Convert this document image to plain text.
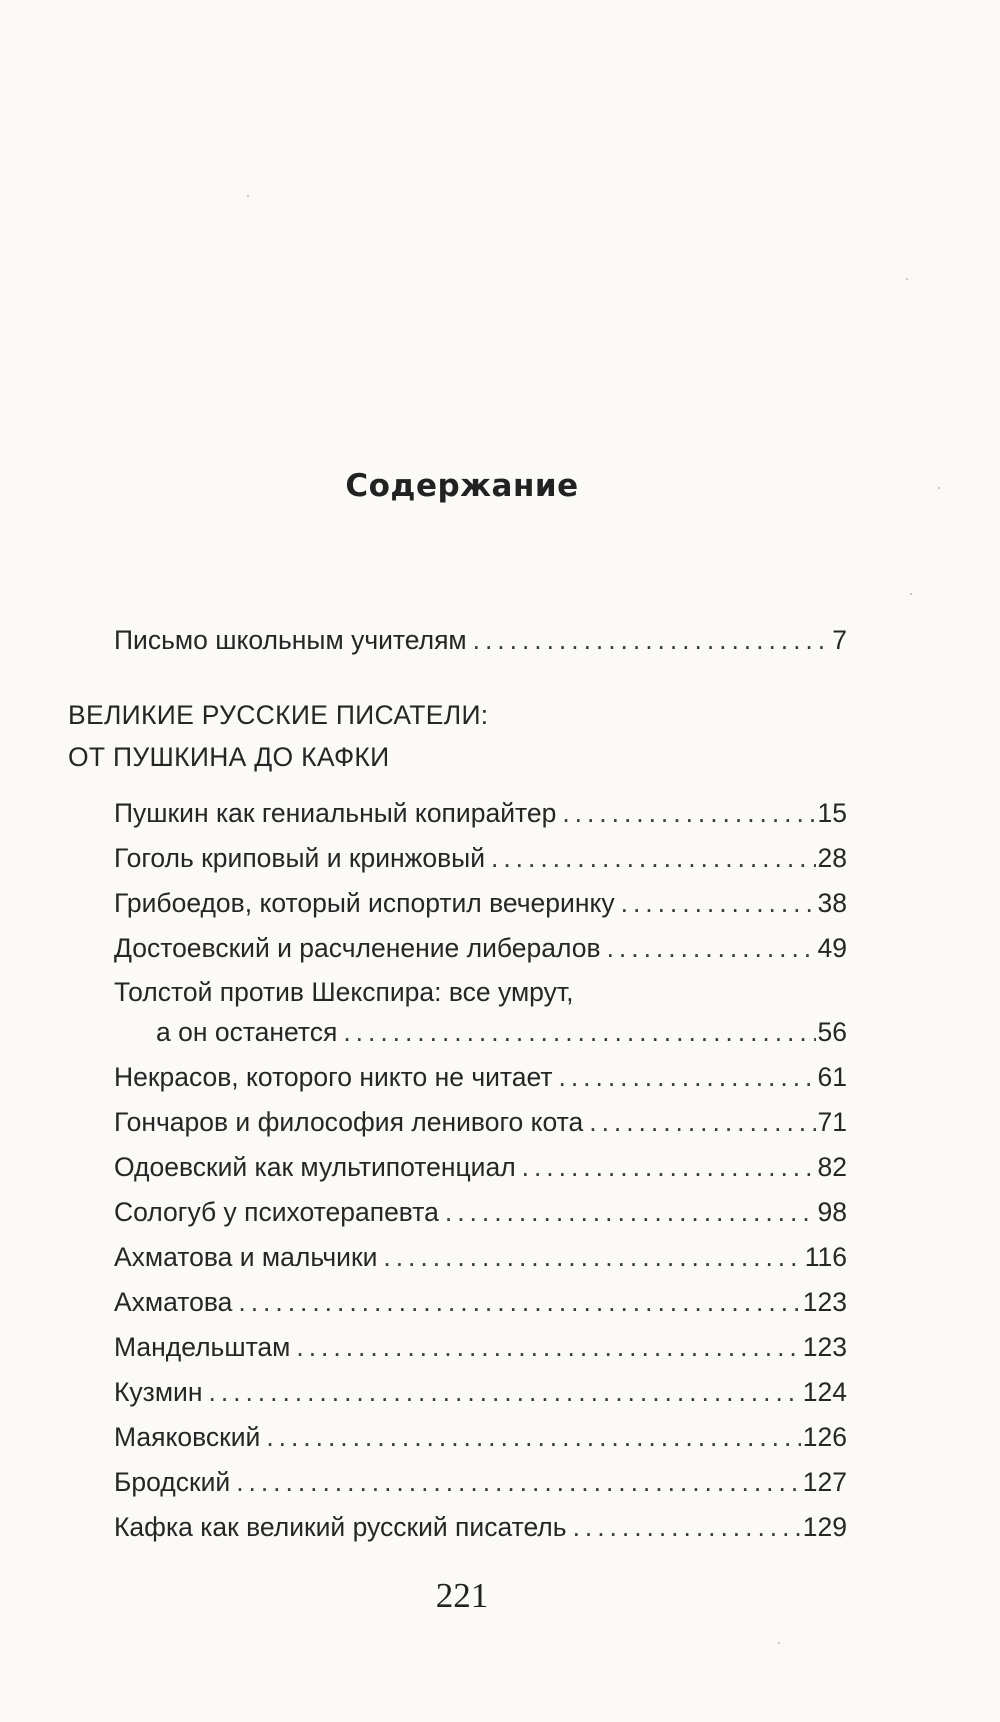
Содержание
Письмо школьным учителям . . .	7
ВЕЛИКИЕ РУССКИЕ ПИСАТЕЛИ:
ОТ ПУШКИНА ДО КАФКИ
Пушкин как гениальный копирайтер . . .	15
Гоголь криповый и кринжовый . . .	28
Грибоедов, который испортил вечеринку . . .	38
Достоевский и расчленение либералов . . .	49
Толстой против Шекспира: все умрут,
а он останется . . .	56
Некрасов, которого никто не читает . . .	61
Гончаров и философия ленивого кота . . .	71
Одоевский как мультипотенциал . . .	82
Сологуб у психотерапевта . . .	98
Ахматова и мальчики . . .	116
Ахматова . . .	123
Мандельштам . . .	123
Кузмин . . .	124
Маяковский . . .	126
Бродский . . .	127
Кафка как великий русский писатель . . .	129
221
